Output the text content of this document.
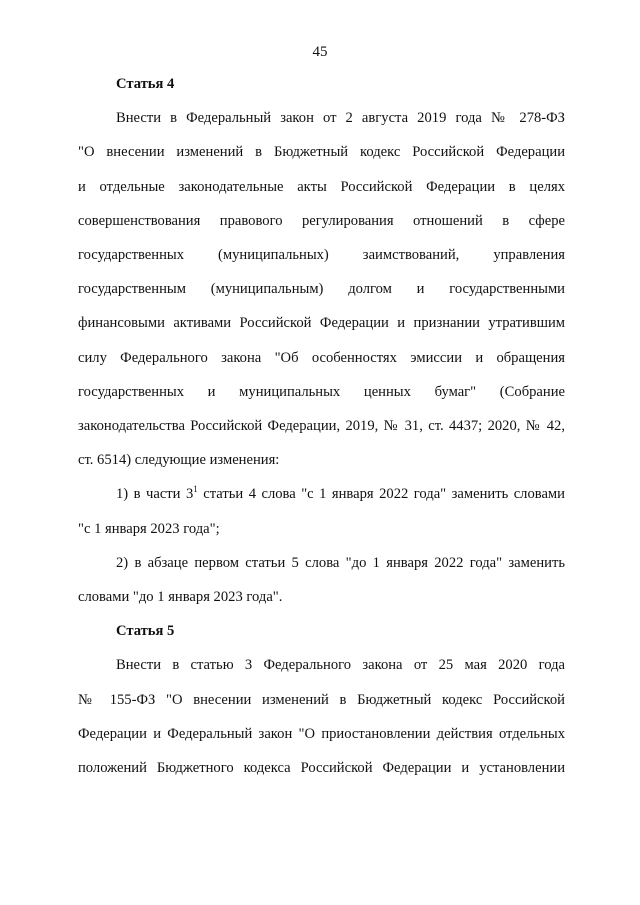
45
Статья 4
Внести в Федеральный закон от 2 августа 2019 года № 278-ФЗ
"О внесении изменений в Бюджетный кодекс Российской Федерации
и отдельные законодательные акты Российской Федерации в целях
совершенствования правового регулирования отношений в сфере
государственных (муниципальных) заимствований, управления
государственным (муниципальным) долгом и государственными
финансовыми активами Российской Федерации и признании утратившим
силу Федерального закона "Об особенностях эмиссии и обращения
государственных и муниципальных ценных бумаг" (Собрание
законодательства Российской Федерации, 2019, № 31, ст. 4437; 2020, № 42,
ст. 6514) следующие изменения:
1) в части $3^1$ статьи 4 слова "с 1 января 2022 года" заменить словами
"с 1 января 2023 года";
2) в абзаце первом статьи 5 слова "до 1 января 2022 года" заменить
словами "до 1 января 2023 года".
Статья 5
Внести в статью 3 Федерального закона от 25 мая 2020 года
№ 155-ФЗ "О внесении изменений в Бюджетный кодекс Российской
Федерации и Федеральный закон "О приостановлении действия отдельных
положений Бюджетного кодекса Российской Федерации и установлении
